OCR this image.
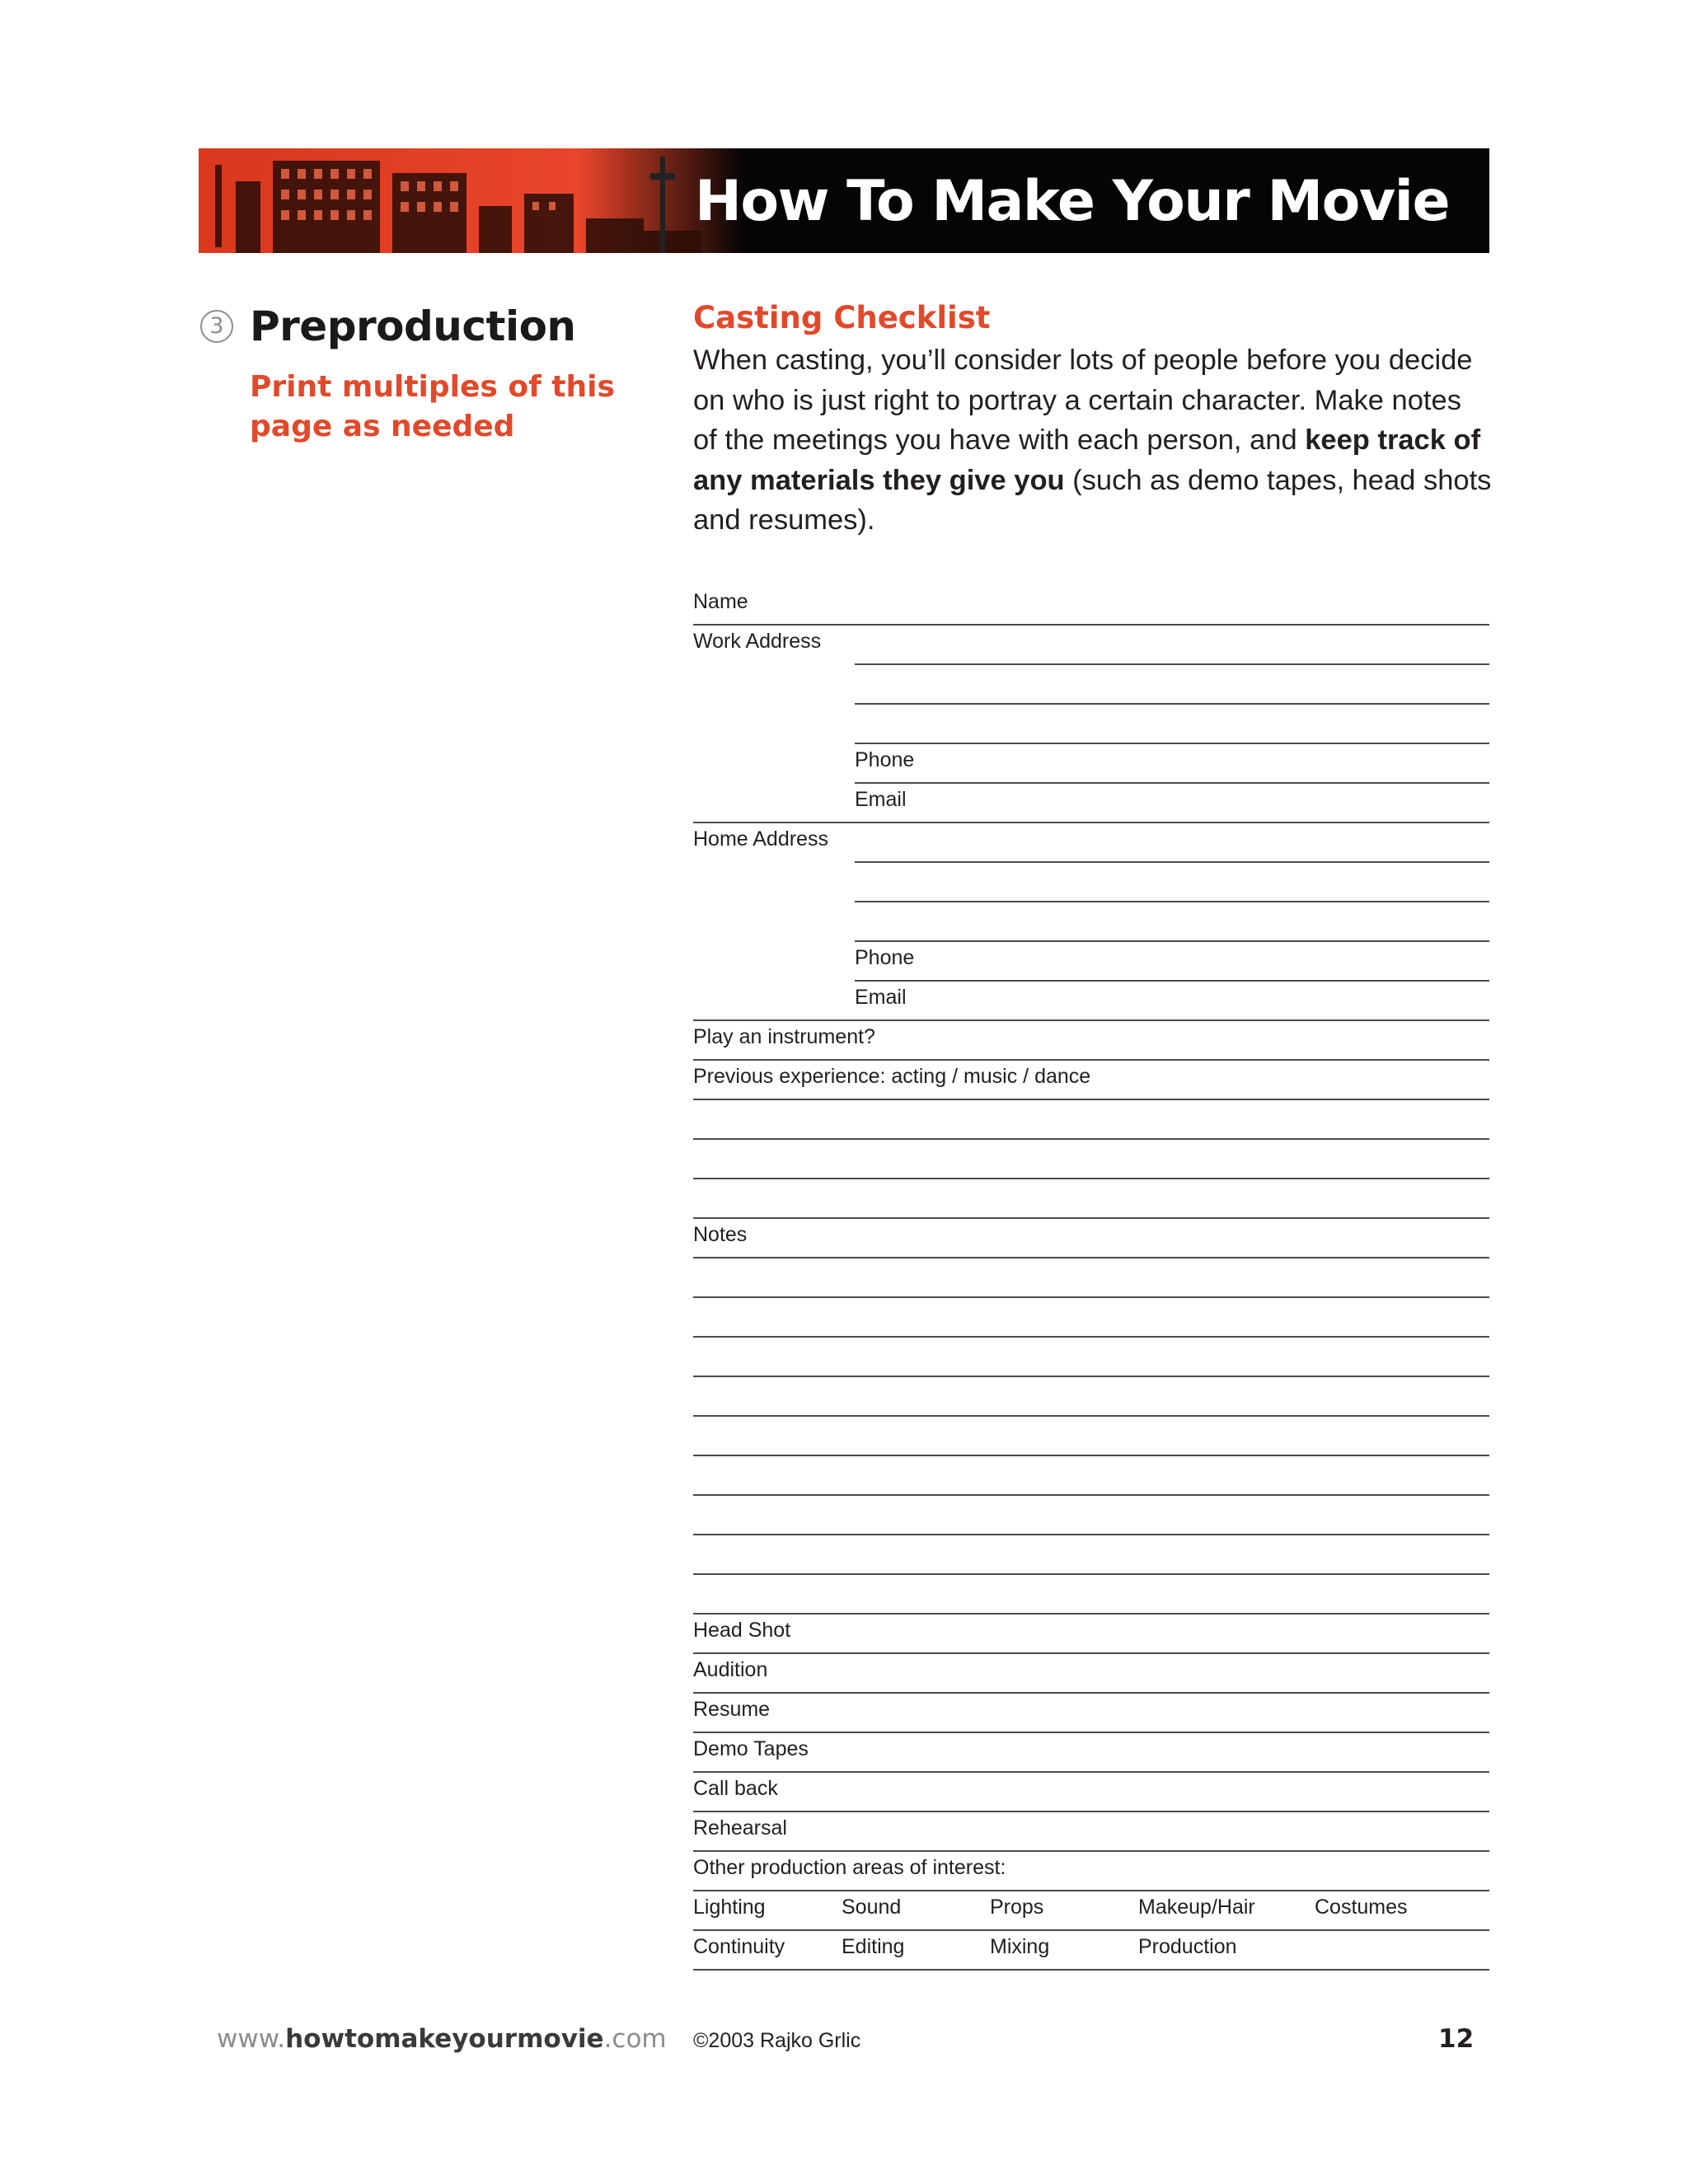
How To Make Your Movie
3 Preproduction
Print multiples of this page as needed
Casting Checklist
When casting, you’ll consider lots of people before you decide on who is just right to portray a certain character. Make notes of the meetings you have with each person, and keep track of any materials they give you (such as demo tapes, head shots and resumes).
Name
Work Address
Phone
Email
Home Address
Phone
Email
Play an instrument?
Previous experience: acting / music / dance
Notes
Head Shot
Audition
Resume
Demo Tapes
Call back
Rehearsal
Other production areas of interest:
Lighting	Sound	Props	Makeup/Hair	Costumes
Continuity	Editing	Mixing	Production
www.howtomakeyourmovie.com ©2003 Rajko Grlic	12
